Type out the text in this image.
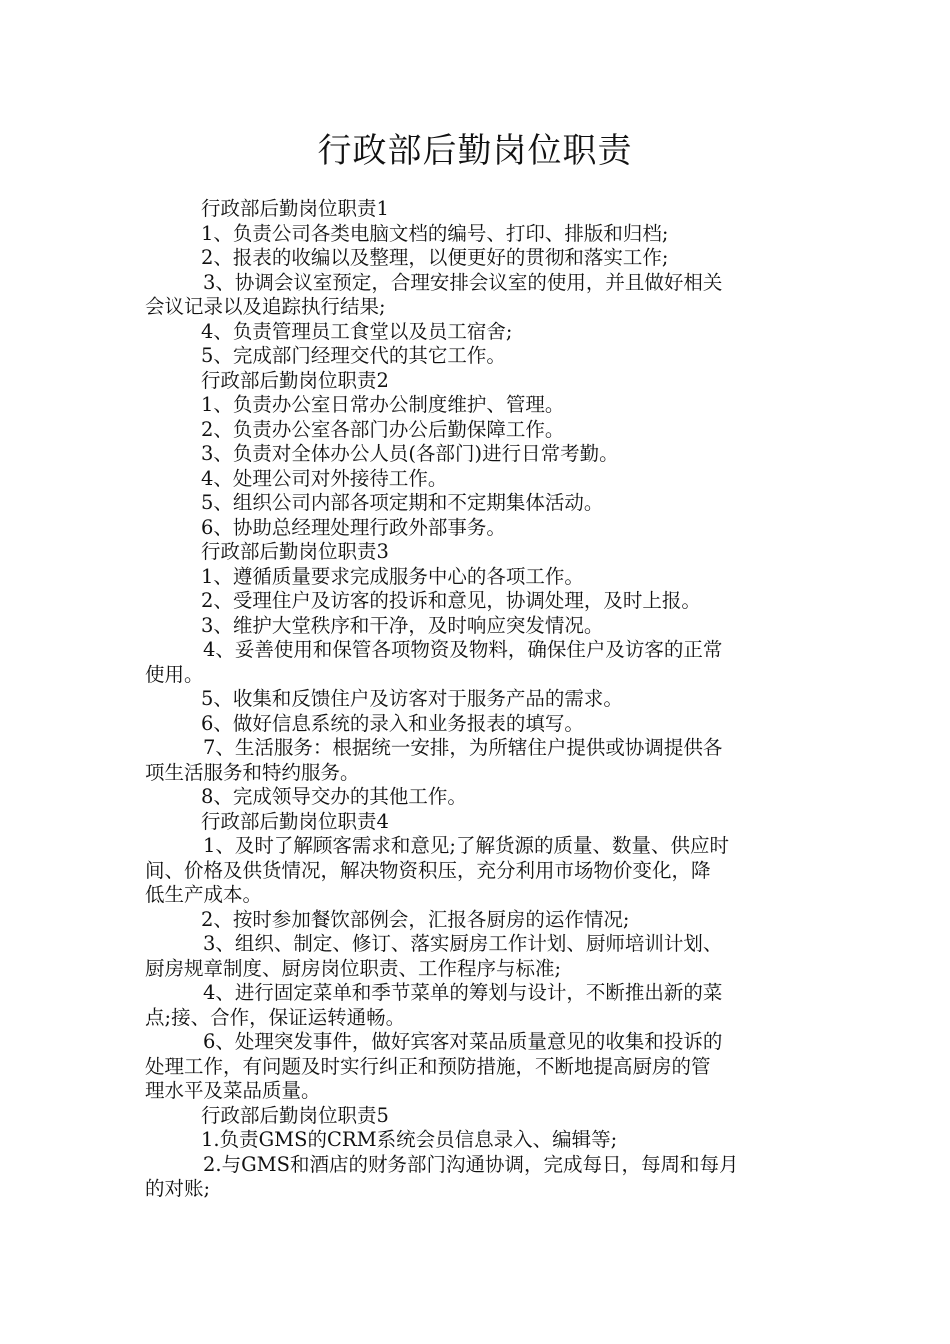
行政部后勤岗位职责

行政部后勤岗位职责1

1、负责公司各类电脑文档的编号、打印、排版和归档;

2、报表的收编以及整理，以便更好的贯彻和落实工作;

3、协调会议室预定，合理安排会议室的使用，并且做好相关

会议记录以及追踪执行结果;

4、负责管理员工食堂以及员工宿舍;

5、完成部门经理交代的其它工作。

行政部后勤岗位职责2

1、负责办公室日常办公制度维护、管理。

2、负责办公室各部门办公后勤保障工作。

3、负责对全体办公人员(各部门)进行日常考勤。

4、处理公司对外接待工作。

5、组织公司内部各项定期和不定期集体活动。

6、协助总经理处理行政外部事务。

行政部后勤岗位职责3

1、遵循质量要求完成服务中心的各项工作。

2、受理住户及访客的投诉和意见，协调处理，及时上报。

3、维护大堂秩序和干净，及时响应突发情况。

4、妥善使用和保管各项物资及物料，确保住户及访客的正常

使用。

5、收集和反馈住户及访客对于服务产品的需求。

6、做好信息系统的录入和业务报表的填写。

7、生活服务：根据统一安排，为所辖住户提供或协调提供各

项生活服务和特约服务。

8、完成领导交办的其他工作。

行政部后勤岗位职责4

1、及时了解顾客需求和意见;了解货源的质量、数量、供应时

间、价格及供货情况，解决物资积压，充分利用市场物价变化，降

低生产成本。

2、按时参加餐饮部例会，汇报各厨房的运作情况;

3、组织、制定、修订、落实厨房工作计划、厨师培训计划、

厨房规章制度、厨房岗位职责、工作程序与标准;

4、进行固定菜单和季节菜单的筹划与设计，不断推出新的菜

点;接、合作，保证运转通畅。

6、处理突发事件，做好宾客对菜品质量意见的收集和投诉的

处理工作，有问题及时实行纠正和预防措施，不断地提高厨房的管

理水平及菜品质量。

行政部后勤岗位职责5

1.负责GMS的CRM系统会员信息录入、编辑等;

2.与GMS和酒店的财务部门沟通协调，完成每日，每周和每月

的对账;
